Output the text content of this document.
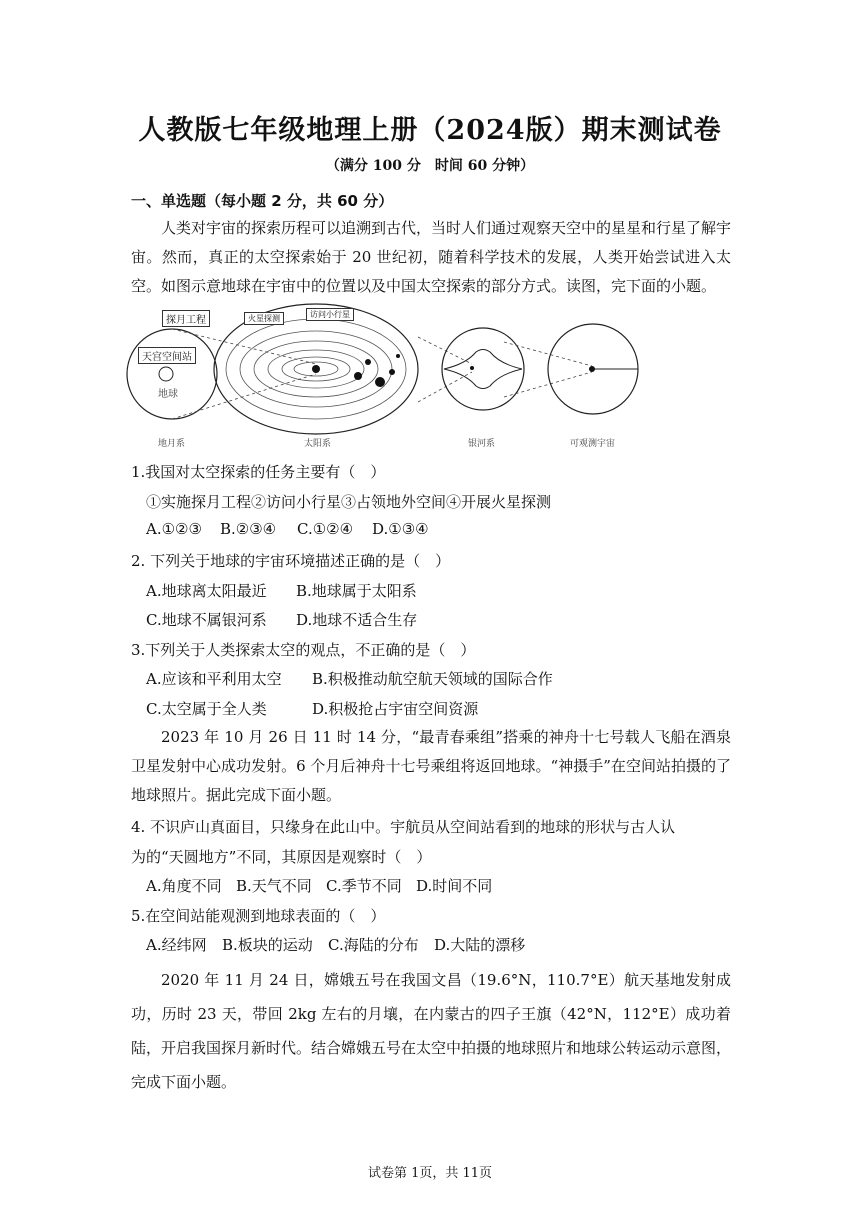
人教版七年级地理上册（2024版）期末测试卷
（满分 100 分　时间 60 分钟）
一、单选题（每小题 2 分，共 60 分）

人类对宇宙的探索历程可以追溯到古代，当时人们通过观察天空中的星星和行星了解宇宙。然而，真正的太空探索始于 20 世纪初，随着科学技术的发展，人类开始尝试进入太空。如图示意地球在宇宙中的位置以及中国太空探索的部分方式。读图，完下面的小题。

探月工程
天宫空间站
地球
火星探测	访问小行星
地月系	太阳系	银河系	可观测宇宙
1.我国对太空探索的任务主要有（　）
①实施探月工程②访问小行星③占领地外空间④开展火星探测
A.①②③ B.②③④ C.①②④ D.①③④
2. 下列关于地球的宇宙环境描述正确的是（　）
A.地球离太阳最近 B.地球属于太阳系
C.地球不属银河系 D.地球不适合生存
3.下列关于人类探索太空的观点，不正确的是（　）
A.应该和平利用太空 B.积极推动航空航天领域的国际合作
C.太空属于全人类	D.积极抢占宇宙空间资源

2023 年 10 月 26 日 11 时 14 分，“最青春乘组”搭乘的神舟十七号载人飞船在酒泉卫星发射中心成功发射。6 个月后神舟十七号乘组将返回地球。“神摄手”在空间站拍摄的了地球照片。据此完成下面小题。

4. 不识庐山真面目，只缘身在此山中。宇航员从空间站看到的地球的形状与古人认
为的“天圆地方”不同，其原因是观察时（　）
A.角度不同 B.天气不同 C.季节不同 D.时间不同
5.在空间站能观测到地球表面的（　）
A.经纬网 B.板块的运动 C.海陆的分布 D.大陆的漂移

2020 年 11 月 24 日，嫦娥五号在我国文昌（19.6°N，110.7°E）航天基地发射成功，历时 23 天，带回 2kg 左右的月壤，在内蒙古的四子王旗（42°N，112°E）成功着陆，开启我国探月新时代。结合嫦娥五号在太空中拍摄的地球照片和地球公转运动示意图，完成下面小题。

试卷第 1页，共 11页
